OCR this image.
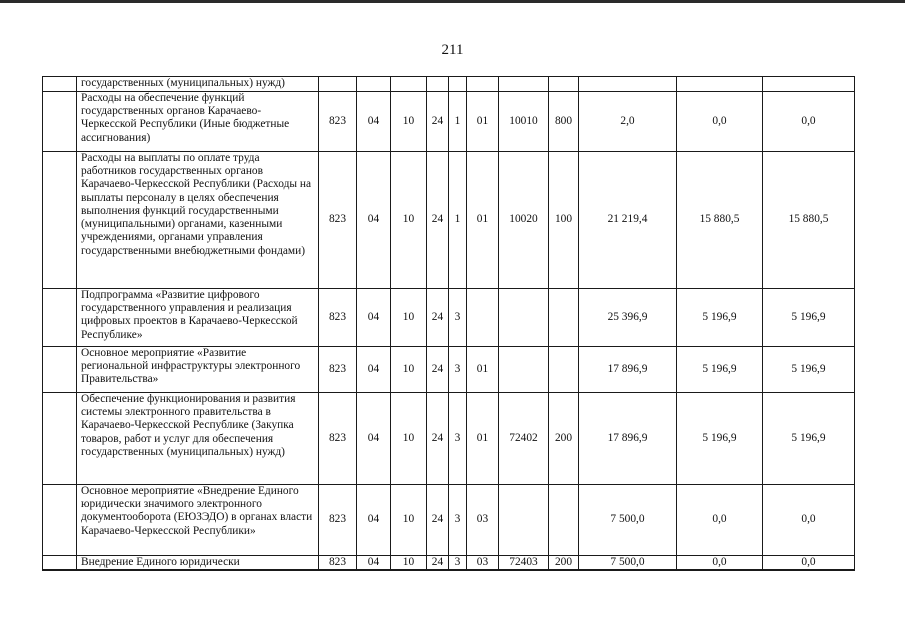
211
	государственных (муниципальных) нужд)											
	Расходы на обеспечение функций государственных органов Карачаево-Черкесской Республики (Иные бюджетные ассигнования)	823	04	10	24	1	01	10010	800	2,0	0,0	0,0
	Расходы на выплаты по оплате труда работников государственных органов Карачаево-Черкесской Республики (Расходы на выплаты персоналу в целях обеспечения выполнения функций государственными (муниципальными) органами, казенными учреждениями, органами управления государственными внебюджетными фондами)	823	04	10	24	1	01	10020	100	21 219,4	15 880,5	15 880,5
	Подпрограмма «Развитие цифрового государственного управления и реализация цифровых проектов в Карачаево-Черкесской Республике»	823	04	10	24	3				25 396,9	5 196,9	5 196,9
	Основное мероприятие «Развитие региональной инфраструктуры электронного Правительства»	823	04	10	24	3	01			17 896,9	5 196,9	5 196,9
	Обеспечение функционирования и развития системы электронного правительства в Карачаево-Черкесской Республике (Закупка товаров, работ и услуг для обеспечения государственных (муниципальных) нужд)	823	04	10	24	3	01	72402	200	17 896,9	5 196,9	5 196,9
	Основное мероприятие «Внедрение Единого юридически значимого электронного документооборота (ЕЮЗЭДО) в органах власти Карачаево-Черкесской Республики»	823	04	10	24	3	03			7 500,0	0,0	0,0
	Внедрение Единого юридически	823	04	10	24	3	03	72403	200	7 500,0	0,0	0,0
